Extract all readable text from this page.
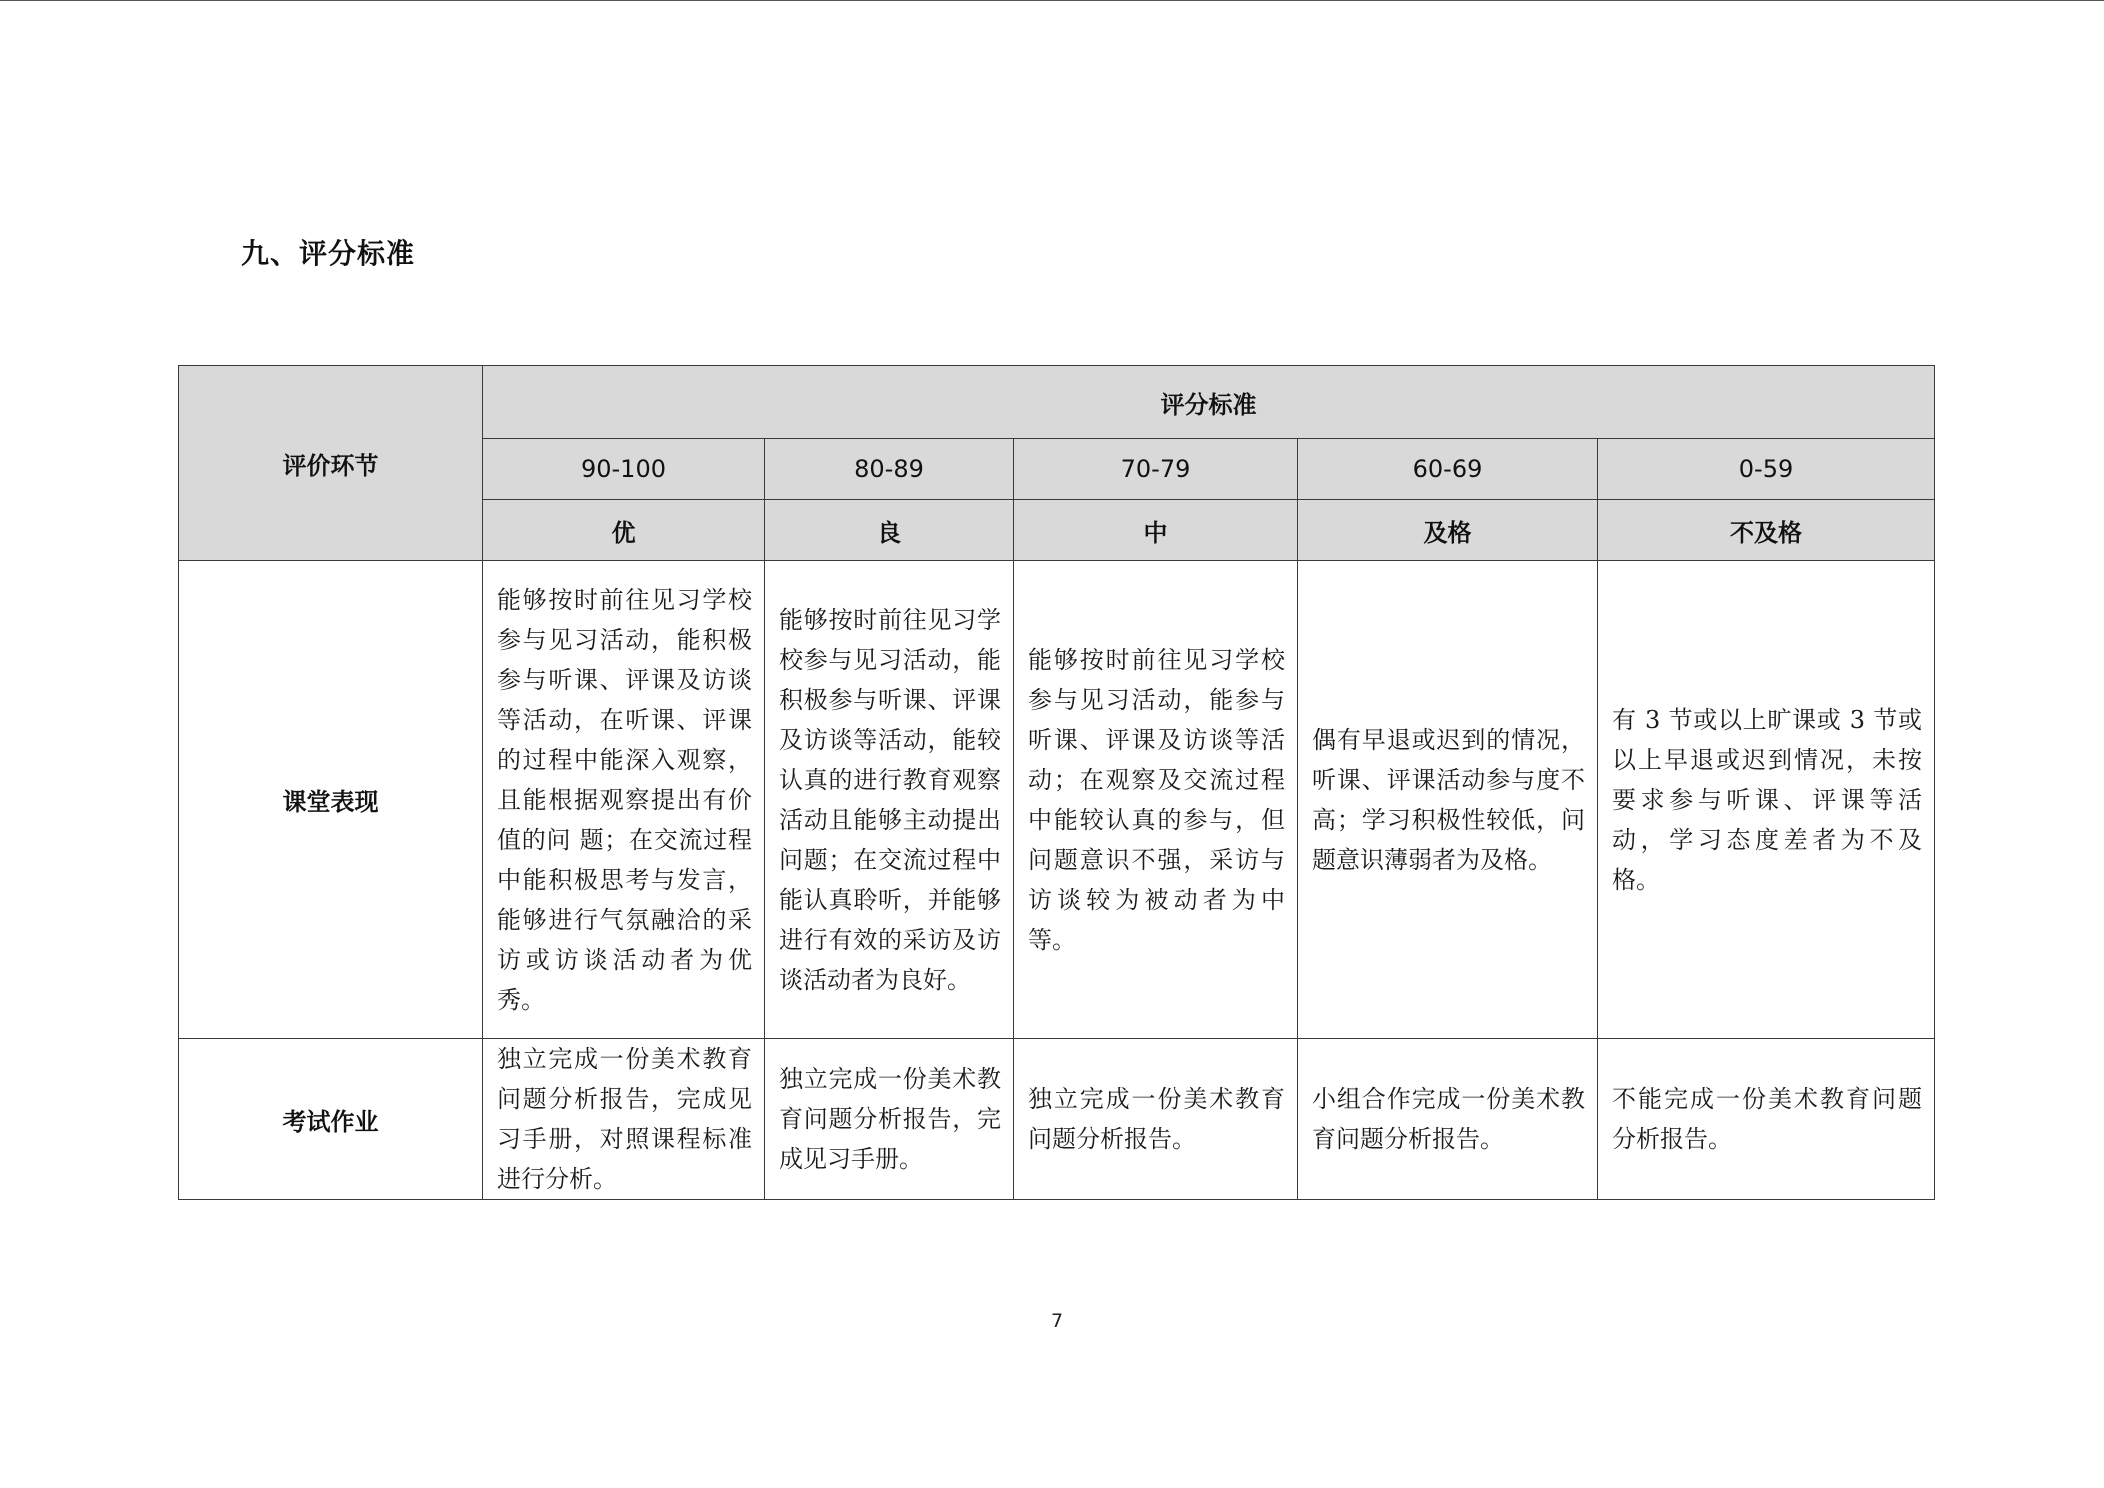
九、评分标准
评价环节	评分标准				
	90-100	80-89	70-79	60-69	0-59
	优	良	中	及格	不及格
课堂表现	能够按时前往见习学校参与见习活动，能积极参与听课、评课及访谈等活动，在听课、评课的过程中能深入观察，且能根据观察提出有价值的问 题；在交流过程中能积极思考与发言，能够进行气氛融洽的采访或访谈活动者为优秀。	能够按时前往见习学校参与见习活动，能积极参与听课、评课及访谈等活动，能较认真的进行教育观察活动且能够主动提出问题；在交流过程中能认真聆听，并能够进行有效的采访及访谈活动者为良好。	能够按时前往见习学校参与见习活动，能参与听课、评课及访谈等活动；在观察及交流过程中能较认真的参与，但问题意识不强，采访与访谈较为被动者为中等。	偶有早退或迟到的情况，听课、评课活动参与度不高；学习积极性较低，问题意识薄弱者为及格。	有 3 节或以上旷课或 3 节或以上早退或迟到情况，未按要求参与听课、评课等活动，学习态度差者为不及格。
考试作业	独立完成一份美术教育问题分析报告，完成见习手册，对照课程标准进行分析。	独立完成一份美术教育问题分析报告，完成见习手册。	独立完成一份美术教育问题分析报告。	小组合作完成一份美术教育问题分析报告。	不能完成一份美术教育问题分析报告。
7
